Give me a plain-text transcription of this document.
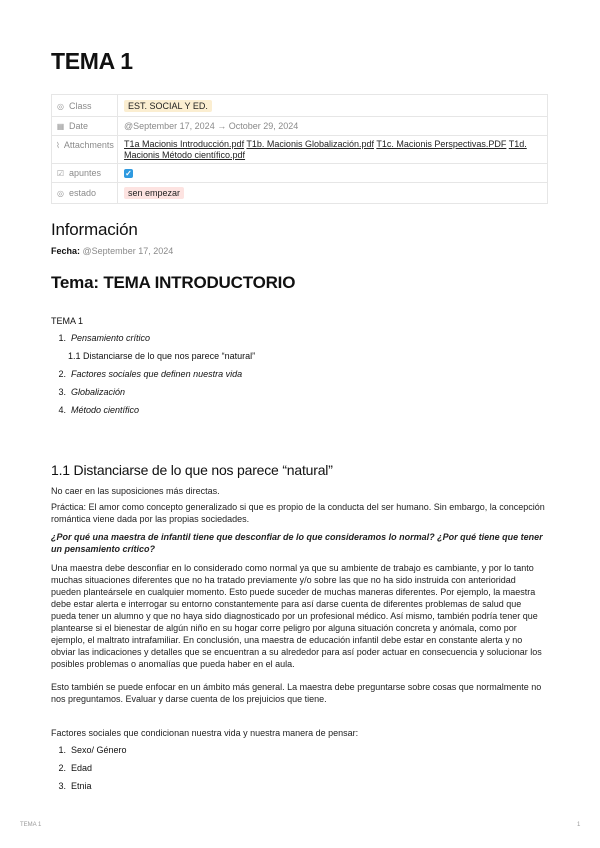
TEMA 1
◎ Class	EST. SOCIAL Y ED.
▦ Date	@September 17, 2024 → October 29, 2024
⌇ Attachments	T1a Macionis Introducción.pdf T1b. Macionis Globalización.pdf T1c. Macionis Perspectivas.PDF T1d. Macionis Método científico.pdf
☑ apuntes	✓
◎ estado	sen empezar
Información
Fecha: @September 17, 2024
Tema: TEMA INTRODUCTORIO
TEMA 1
1. Pensamiento crítico
1.1 Distanciarse de lo que nos parece “natural”
2. Factores sociales que definen nuestra vida
3. Globalización
4. Método científico
1.1 Distanciarse de lo que nos parece “natural”

No caer en las suposiciones más directas.

Práctica: El amor como concepto generalizado si que es propio de la conducta del ser humano. Sin embargo, la concepción romántica viene dada por las propias sociedades.

¿Por qué una maestra de infantil tiene que desconfiar de lo que consideramos lo normal? ¿Por qué tiene que tener un pensamiento crítico?

Una maestra debe desconfiar en lo considerado como normal ya que su ambiente de trabajo es cambiante, y por lo tanto muchas situaciones diferentes que no ha tratado previamente y/o sobre las que no ha sido instruida con anterioridad pueden planteársele en cualquier momento. Esto puede suceder de muchas maneras diferentes. Por ejemplo, la maestra debe estar alerta e interrogar su entorno constantemente para así darse cuenta de diferentes problemas de salud que pueda tener un alumno y que no haya sido diagnosticado por un profesional médico. Así mismo, también podría tener que plantearse si el bienestar de algún niño en su hogar corre peligro por alguna situación concreta y anómala, como por ejemplo, el maltrato intrafamiliar. En conclusión, una maestra de educación infantil debe estar en constante alerta y no obviar las indicaciones y detalles que se encuentran a su alrededor para así poder actuar en consecuencia y solucionar los posibles problemas o anomalías que pueda haber en el aula.

Esto también se puede enfocar en un ámbito más general. La maestra debe preguntarse sobre cosas que normalmente no nos preguntamos. Evaluar y darse cuenta de los prejuicios que tiene.

Factores sociales que condicionan nuestra vida y nuestra manera de pensar:

1. Sexo/ Género
2. Edad
3. Etnia
TEMA 1	1
